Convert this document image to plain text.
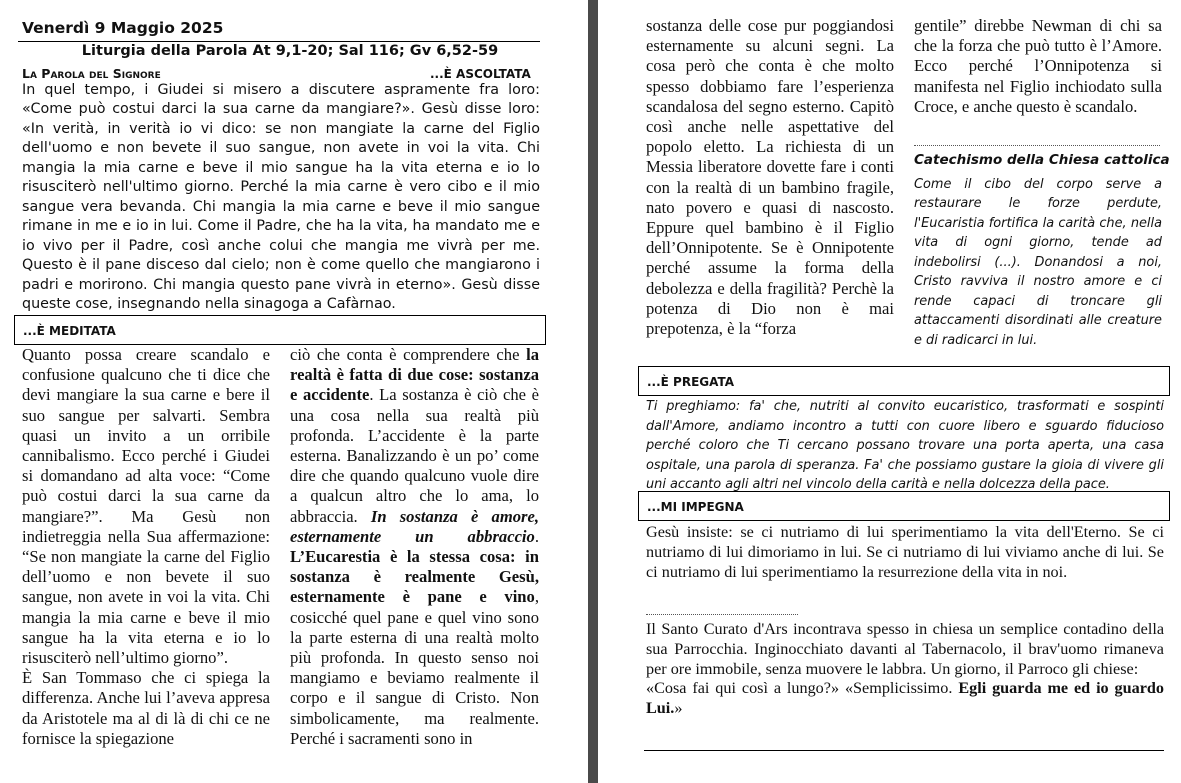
Venerdì 9 Maggio 2025
Liturgia della Parola At 9,1-20; Sal 116; Gv 6,52-59
La Parola del Signore	...È ASCOLTATA
In quel tempo, i Giudei si misero a discutere aspramente fra loro: «Come può costui darci la sua carne da mangiare?». Gesù disse loro: «In verità, in verità io vi dico: se non mangiate la carne del Figlio dell'uomo e non bevete il suo sangue, non avete in voi la vita. Chi mangia la mia carne e beve il mio sangue ha la vita eterna e io lo risusciterò nell'ultimo giorno. Perché la mia carne è vero cibo e il mio sangue vera bevanda. Chi mangia la mia carne e beve il mio sangue rimane in me e io in lui. Come il Padre, che ha la vita, ha mandato me e io vivo per il Padre, così anche colui che mangia me vivrà per me. Questo è il pane disceso dal cielo; non è come quello che mangiarono i padri e morirono. Chi mangia questo pane vivrà in eterno». Gesù disse queste cose, insegnando nella sinagoga a Cafàrnao.
...È MEDITATA

Quanto possa creare scandalo e confusione qualcuno che ti dice che devi mangiare la sua carne e bere il suo sangue per salvarti. Sembra quasi un invito a un orribile cannibalismo. Ecco perché i Giudei si domandano ad alta voce: “Come può costui darci la sua carne da mangiare?”. Ma Gesù non indietreggia nella Sua affermazione: “Se non mangiate la carne del Figlio dell’uomo e non bevete il suo sangue, non avete in voi la vita. Chi mangia la mia carne e beve il mio sangue ha la vita eterna e io lo risusciterò nell’ultimo giorno”.

È San Tommaso che ci spiega la differenza. Anche lui l’aveva appresa da Aristotele ma al di là di chi ce ne fornisce la spiegazione

ciò che conta è comprendere che la realtà è fatta di due cose: sostanza e accidente. La sostanza è ciò che è una cosa nella sua realtà più profonda. L’accidente è la parte esterna. Banalizzando è un po’ come dire che quando qualcuno vuole dire a qualcun altro che lo ama, lo abbraccia. In sostanza è amore, esternamente un abbraccio. L’Eucarestia è la stessa cosa: in sostanza è realmente Gesù, esternamente è pane e vino, cosicché quel pane e quel vino sono la parte esterna di una realtà molto più profonda. In questo senso noi mangiamo e beviamo realmente il corpo e il sangue di Cristo. Non simbolicamente, ma realmente. Perché i sacramenti sono in
sostanza delle cose pur poggiandosi esternamente su alcuni segni. La cosa però che conta è che molto spesso dobbiamo fare l’esperienza scandalosa del segno esterno. Capitò così anche nelle aspettative del popolo eletto. La richiesta di un Messia liberatore dovette fare i conti con la realtà di un bambino fragile, nato povero e quasi di nascosto. Eppure quel bambino è il Figlio dell’Onnipotente. Se è Onnipotente perché assume la forma della debolezza e della fragilità? Perchè la potenza di Dio non è mai prepotenza, è la “forza
gentile” direbbe Newman di chi sa che la forza che può tutto è l’Amore. Ecco perché l’Onnipotenza si manifesta nel Figlio inchiodato sulla Croce, e anche questo è scandalo.
Catechismo della Chiesa cattolica
Come il cibo del corpo serve a restaurare le forze perdute, l'Eucaristia fortifica la carità che, nella vita di ogni giorno, tende ad indebolirsi (...). Donandosi a noi, Cristo ravviva il nostro amore e ci rende capaci di troncare gli attaccamenti disordinati alle creature e di radicarci in lui.
...È PREGATA
Ti preghiamo: fa' che, nutriti al convito eucaristico, trasformati e sospinti dall'Amore, andiamo incontro a tutti con cuore libero e sguardo fiducioso perché coloro che Ti cercano possano trovare una porta aperta, una casa ospitale, una parola di speranza. Fa' che possiamo gustare la gioia di vivere gli uni accanto agli altri nel vincolo della carità e nella dolcezza della pace.
...MI IMPEGNA
Gesù insiste: se ci nutriamo di lui sperimentiamo la vita dell'Eterno. Se ci nutriamo di lui dimoriamo in lui. Se ci nutriamo di lui viviamo anche di lui. Se ci nutriamo di lui sperimentiamo la resurrezione della vita in noi.
Il Santo Curato d'Ars incontrava spesso in chiesa un semplice contadino della sua Parrocchia. Inginocchiato davanti al Tabernacolo, il brav'uomo rimaneva per ore immobile, senza muovere le labbra. Un giorno, il Parroco gli chiese:
«Cosa fai qui così a lungo?» «Semplicissimo. Egli guarda me ed io guardo Lui.»
